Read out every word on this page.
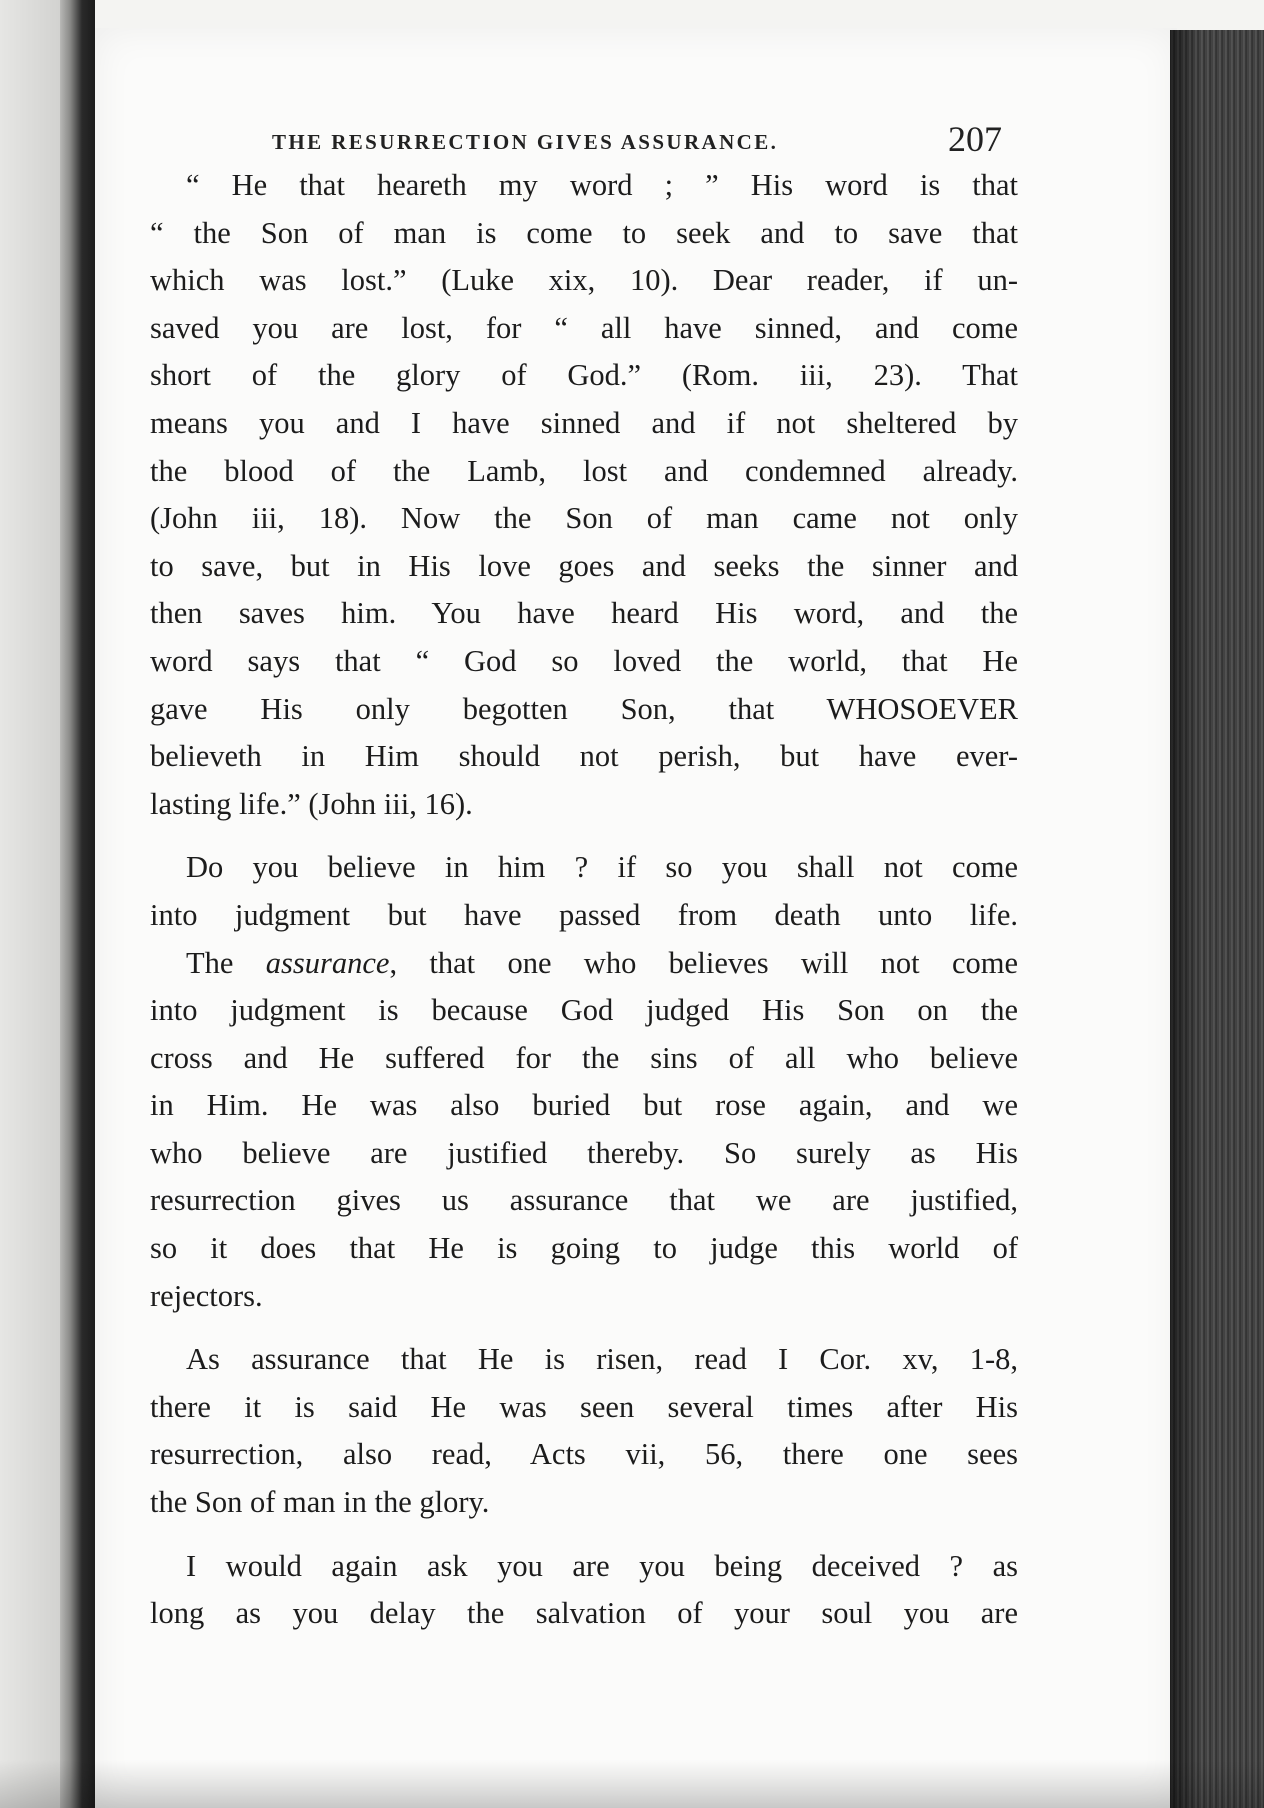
THE RESURRECTION GIVES ASSURANCE.	207

“ He that heareth my word ; ” His word is that
“ the Son of man is come to seek and to save that
which was lost.” (Luke xix, 10). Dear reader, if un-
saved you are lost, for “ all have sinned, and come
short of the glory of God.” (Rom. iii, 23). That
means you and I have sinned and if not sheltered by
the blood of the Lamb, lost and condemned already.
(John iii, 18). Now the Son of man came not only
to save, but in His love goes and seeks the sinner and
then saves him. You have heard His word, and the
word says that “ God so loved the world, that He
gave His only begotten Son, that WHOSOEVER
believeth in Him should not perish, but have ever-
lasting life.” (John iii, 16).

Do you believe in him ? if so you shall not come
into judgment but have passed from death unto life.

The assurance, that one who believes will not come
into judgment is because God judged His Son on the
cross and He suffered for the sins of all who believe
in Him. He was also buried but rose again, and we
who believe are justified thereby. So surely as His
resurrection gives us assurance that we are justified,
so it does that He is going to judge this world of
rejectors.

As assurance that He is risen, read I Cor. xv, 1-8,
there it is said He was seen several times after His
resurrection, also read, Acts vii, 56, there one sees
the Son of man in the glory.

I would again ask you are you being deceived ? as
long as you delay the salvation of your soul you are
